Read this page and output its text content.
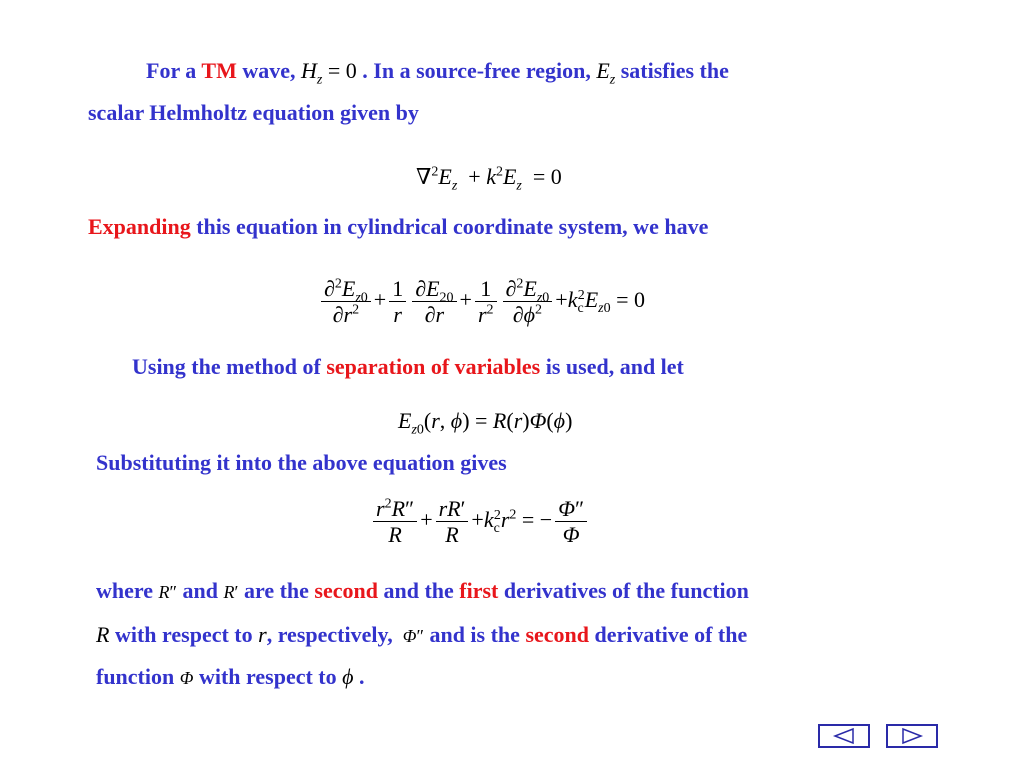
For a TM wave, $H_z = 0$ . In a source-free region, $E_z$ satisfies the
scalar Helmholtz equation given by
$\nabla^2E_z + k^2E_z = 0$
Expanding this equation in cylindrical coordinate system, we have
$\frac{\partial^2E_{z0}}{\partial r^2} + \frac{1}{r} \frac{\partial E_{20}}{\partial r} + \frac{1}{r^2} \frac{\partial^2E_{z0}}{\partial\phi^2} +k_c^2E_{z0} = 0$
Using the method of separation of variables is used, and let
$E_{z0}(r$, ϕ) = R(r)Φ(ϕ)
Substituting it into the above equation gives
$\frac{r^2R''}{R} + \frac{rR'}{R} +k_c^2r^2$ = − $\frac{\Phi''}{\Phi}$
where R″ and R′ are the second and the first derivatives of the function
R with respect to r, respectively, Φ″ and is the second derivative of the
function Φ with respect to ϕ .
